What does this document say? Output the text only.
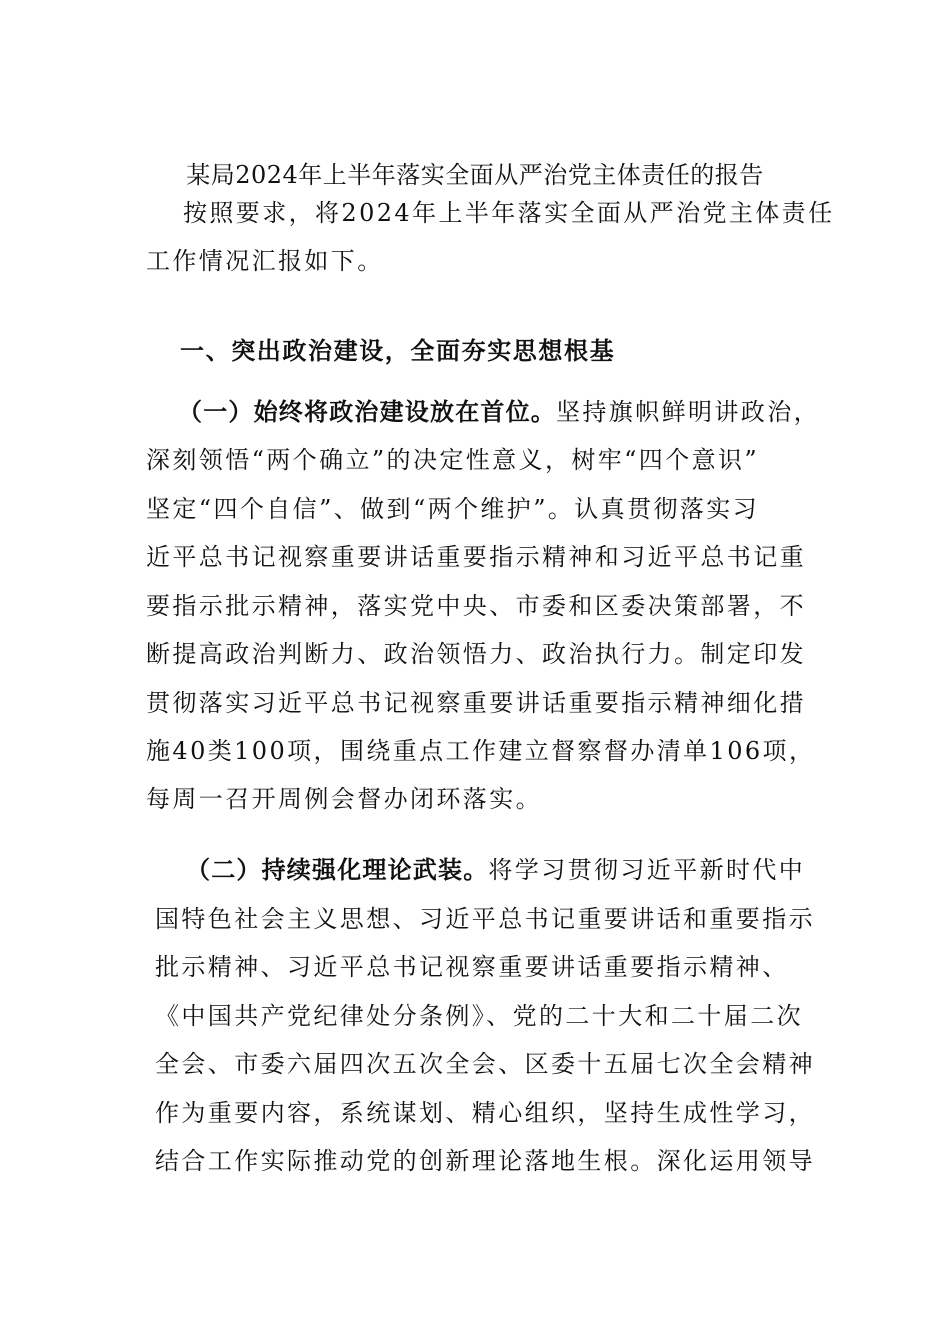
某局2024年上半年落实全面从严治党主体责任的报告
按照要求，将2024年上半年落实全面从严治党主体责任
工作情况汇报如下。
一、突出政治建设，全面夯实思想根基
（一）始终将政治建设放在首位。坚持旗帜鲜明讲政治，
深刻领悟“两个确立”的决定性意义，树牢“四个意识”
坚定“四个自信”、做到“两个维护”。认真贯彻落实习
近平总书记视察重要讲话重要指示精神和习近平总书记重
要指示批示精神，落实党中央、市委和区委决策部署，不
断提高政治判断力、政治领悟力、政治执行力。制定印发
贯彻落实习近平总书记视察重要讲话重要指示精神细化措
施40类100项，围绕重点工作建立督察督办清单106项，
每周一召开周例会督办闭环落实。
（二）持续强化理论武装。将学习贯彻习近平新时代中
国特色社会主义思想、习近平总书记重要讲话和重要指示
批示精神、习近平总书记视察重要讲话重要指示精神、
《中国共产党纪律处分条例》、党的二十大和二十届二次
全会、市委六届四次五次全会、区委十五届七次全会精神
作为重要内容，系统谋划、精心组织，坚持生成性学习，
结合工作实际推动党的创新理论落地生根。深化运用领导
